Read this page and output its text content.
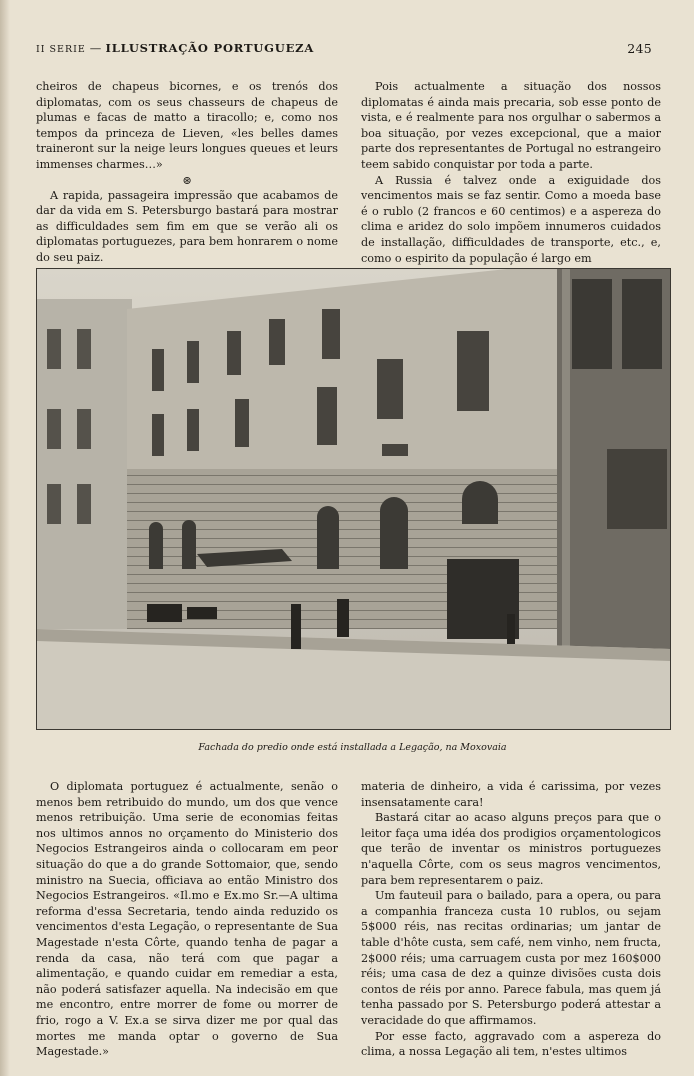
II SERIE — ILLUSTRAÇÃO PORTUGUEZA	245

cheiros de chapeus bicornes, e os trenós dos diplomatas, com os seus chasseurs de chapeus de plumas e facas de matto a tiracollo; e, como nos tempos da princeza de Lieven, «les belles dames traineront sur la neige leurs longues queues et leurs immenses charmes…»

⊛

A rapida, passageira impressão que acabamos de dar da vida em S. Petersburgo bastará para mostrar as difficuldades sem fim em que se verão ali os diplomatas portuguezes, para bem honrarem o nome do seu paiz.

Pois actualmente a situação dos nossos diplomatas é ainda mais precaria, sob esse ponto de vista, e é realmente para nos orgulhar o sabermos a boa situação, por vezes excepcional, que a maior parte dos representantes de Portugal no estrangeiro teem sabido conquistar por toda a parte.

A Russia é talvez onde a exiguidade dos vencimentos mais se faz sentir. Como a moeda base é o rublo (2 francos e 60 centimos) e a aspereza do clima e aridez do solo impõem innumeros cuidados de installação, difficuldades de transporte, etc., e, como o espirito da população é largo em

Fachada do predio onde está installada a Legação, na Moxovaia

O diplomata portuguez é actualmente, senão o menos bem retribuido do mundo, um dos que vence menos retribuição. Uma serie de economias feitas nos ultimos annos no orçamento do Ministerio dos Negocios Estrangeiros ainda o collocaram em peor situação do que a do grande Sottomaior, que, sendo ministro na Suecia, officiava ao então Ministro dos Negocios Estrangeiros. «Il.mo e Ex.mo Sr.—A ultima reforma d'essa Secretaria, tendo ainda reduzido os vencimentos d'esta Legação, o representante de Sua Magestade n'esta Côrte, quando tenha de pagar a renda da casa, não terá com que pagar a alimentação, e quando cuidar em remediar a esta, não poderá satisfazer aquella. Na indecisão em que me encontro, entre morrer de fome ou morrer de frio, rogo a V. Ex.a se sirva dizer me por qual das mortes me manda optar o governo de Sua Magestade.»

materia de dinheiro, a vida é carissima, por vezes insensatamente cara!

Bastará citar ao acaso alguns preços para que o leitor faça uma idéa dos prodigios orçamentologicos que terão de inventar os ministros portuguezes n'aquella Côrte, com os seus magros vencimentos, para bem representarem o paiz.

Um fauteuil para o bailado, para a opera, ou para a companhia franceza custa 10 rublos, ou sejam 5$000 réis, nas recitas ordinarias; um jantar de table d'hôte custa, sem café, nem vinho, nem fructa, 2$000 réis; uma carruagem custa por mez 160$000 réis; uma casa de dez a quinze divisões custa dois contos de réis por anno. Parece fabula, mas quem já tenha passado por S. Petersburgo poderá attestar a veracidade do que affirmamos.

Por esse facto, aggravado com a aspereza do clima, a nossa Legação ali tem, n'estes ultimos
